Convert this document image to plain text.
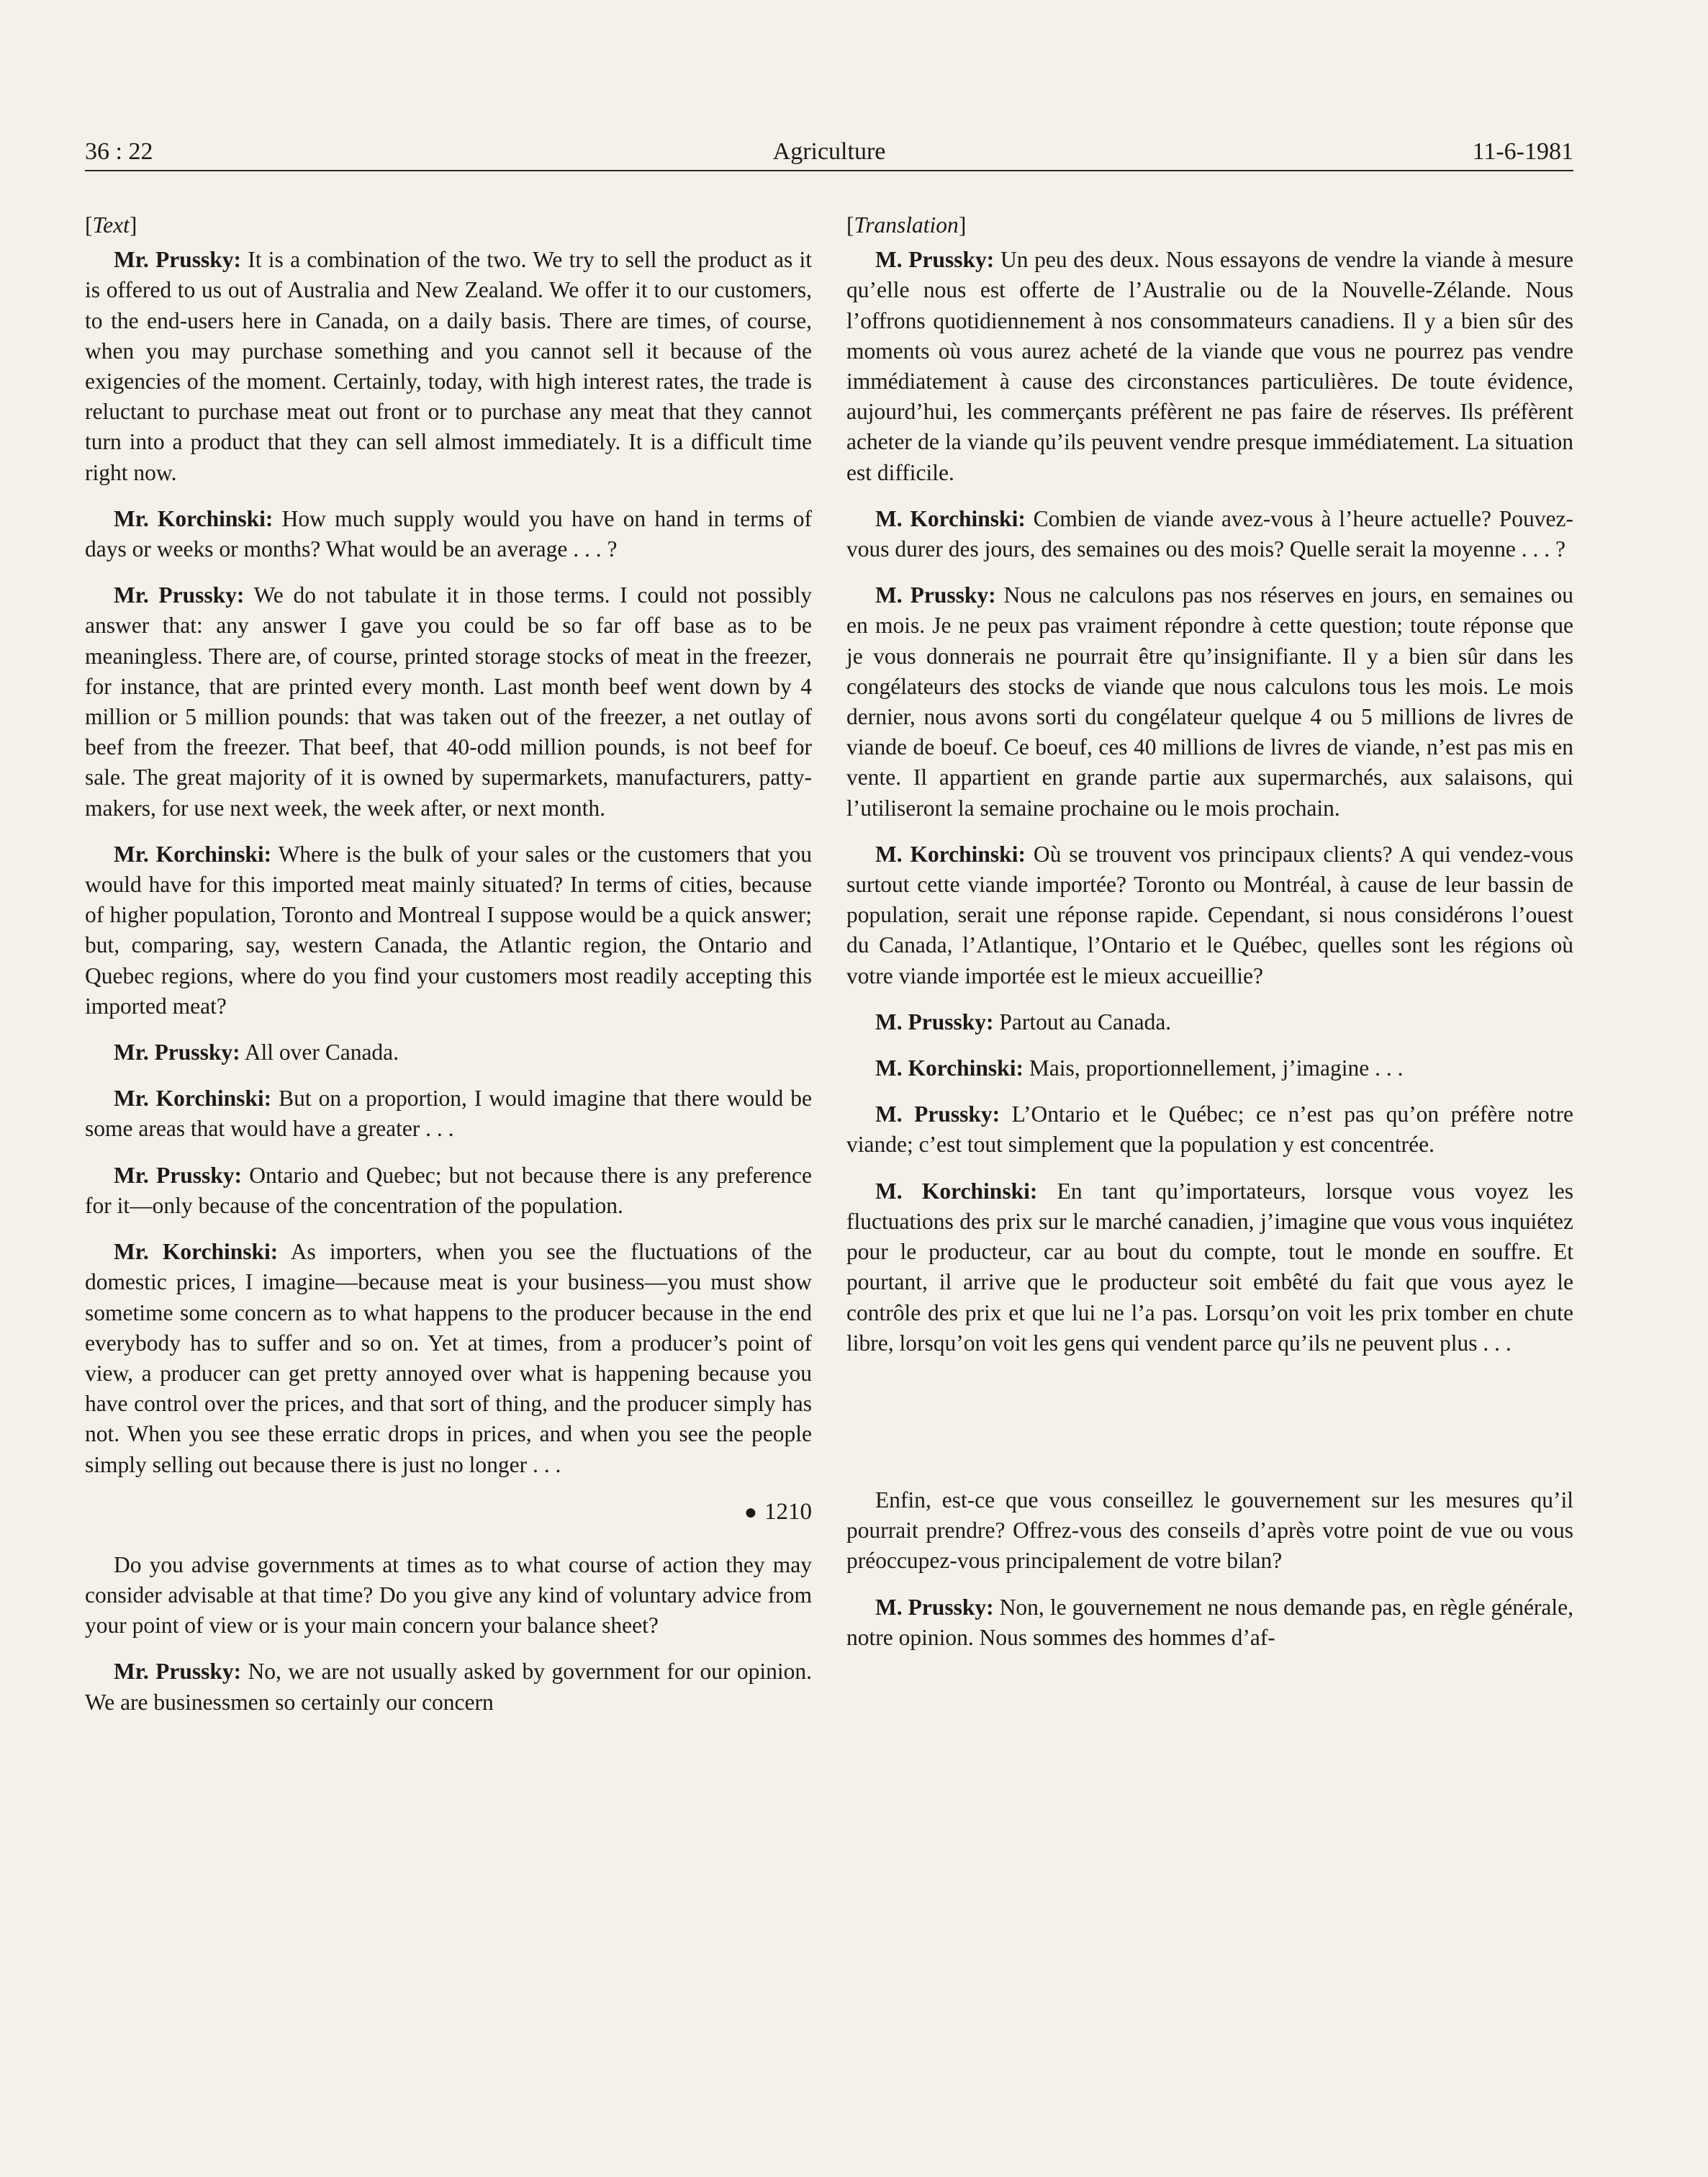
36 : 22	Agriculture	11-6-1981
[Text]

Mr. Prussky: It is a combination of the two. We try to sell the product as it is offered to us out of Australia and New Zealand. We offer it to our customers, to the end-users here in Canada, on a daily basis. There are times, of course, when you may purchase something and you cannot sell it because of the exigencies of the moment. Certainly, today, with high interest rates, the trade is reluctant to purchase meat out front or to purchase any meat that they cannot turn into a product that they can sell almost immediately. It is a difficult time right now.

Mr. Korchinski: How much supply would you have on hand in terms of days or weeks or months? What would be an average . . . ?

Mr. Prussky: We do not tabulate it in those terms. I could not possibly answer that: any answer I gave you could be so far off base as to be meaningless. There are, of course, printed storage stocks of meat in the freezer, for instance, that are printed every month. Last month beef went down by 4 million or 5 million pounds: that was taken out of the freezer, a net outlay of beef from the freezer. That beef, that 40-odd million pounds, is not beef for sale. The great majority of it is owned by supermarkets, manufacturers, patty-makers, for use next week, the week after, or next month.

Mr. Korchinski: Where is the bulk of your sales or the customers that you would have for this imported meat mainly situated? In terms of cities, because of higher population, Toronto and Montreal I suppose would be a quick answer; but, comparing, say, western Canada, the Atlantic region, the Ontario and Quebec regions, where do you find your customers most readily accepting this imported meat?

Mr. Prussky: All over Canada.

Mr. Korchinski: But on a proportion, I would imagine that there would be some areas that would have a greater . . .

Mr. Prussky: Ontario and Quebec; but not because there is any preference for it—only because of the concentration of the population.

Mr. Korchinski: As importers, when you see the fluctuations of the domestic prices, I imagine—because meat is your business—you must show sometime some concern as to what happens to the producer because in the end everybody has to suffer and so on. Yet at times, from a producer’s point of view, a producer can get pretty annoyed over what is happening because you have control over the prices, and that sort of thing, and the producer simply has not. When you see these erratic drops in prices, and when you see the people simply selling out because there is just no longer . . .

● 1210

Do you advise governments at times as to what course of action they may consider advisable at that time? Do you give any kind of voluntary advice from your point of view or is your main concern your balance sheet?

Mr. Prussky: No, we are not usually asked by government for our opinion. We are businessmen so certainly our concern

[Translation]

M. Prussky: Un peu des deux. Nous essayons de vendre la viande à mesure qu’elle nous est offerte de l’Australie ou de la Nouvelle-Zélande. Nous l’offrons quotidiennement à nos consommateurs canadiens. Il y a bien sûr des moments où vous aurez acheté de la viande que vous ne pourrez pas vendre immédiatement à cause des circonstances particulières. De toute évidence, aujourd’hui, les commerçants préfèrent ne pas faire de réserves. Ils préfèrent acheter de la viande qu’ils peuvent vendre presque immédiatement. La situation est difficile.

M. Korchinski: Combien de viande avez-vous à l’heure actuelle? Pouvez-vous durer des jours, des semaines ou des mois? Quelle serait la moyenne . . . ?

M. Prussky: Nous ne calculons pas nos réserves en jours, en semaines ou en mois. Je ne peux pas vraiment répondre à cette question; toute réponse que je vous donnerais ne pourrait être qu’insignifiante. Il y a bien sûr dans les congélateurs des stocks de viande que nous calculons tous les mois. Le mois dernier, nous avons sorti du congélateur quelque 4 ou 5 millions de livres de viande de boeuf. Ce boeuf, ces 40 millions de livres de viande, n’est pas mis en vente. Il appartient en grande partie aux supermarchés, aux salaisons, qui l’utiliseront la semaine prochaine ou le mois prochain.

M. Korchinski: Où se trouvent vos principaux clients? A qui vendez-vous surtout cette viande importée? Toronto ou Montréal, à cause de leur bassin de population, serait une réponse rapide. Cependant, si nous considérons l’ouest du Canada, l’Atlantique, l’Ontario et le Québec, quelles sont les régions où votre viande importée est le mieux accueillie?

M. Prussky: Partout au Canada.

M. Korchinski: Mais, proportionnellement, j’imagine . . .

M. Prussky: L’Ontario et le Québec; ce n’est pas qu’on préfère notre viande; c’est tout simplement que la population y est concentrée.

M. Korchinski: En tant qu’importateurs, lorsque vous voyez les fluctuations des prix sur le marché canadien, j’imagine que vous vous inquiétez pour le producteur, car au bout du compte, tout le monde en souffre. Et pourtant, il arrive que le producteur soit embêté du fait que vous ayez le contrôle des prix et que lui ne l’a pas. Lorsqu’on voit les prix tomber en chute libre, lorsqu’on voit les gens qui vendent parce qu’ils ne peuvent plus . . .

Enfin, est-ce que vous conseillez le gouvernement sur les mesures qu’il pourrait prendre? Offrez-vous des conseils d’après votre point de vue ou vous préoccupez-vous principalement de votre bilan?

M. Prussky: Non, le gouvernement ne nous demande pas, en règle générale, notre opinion. Nous sommes des hommes d’af-
